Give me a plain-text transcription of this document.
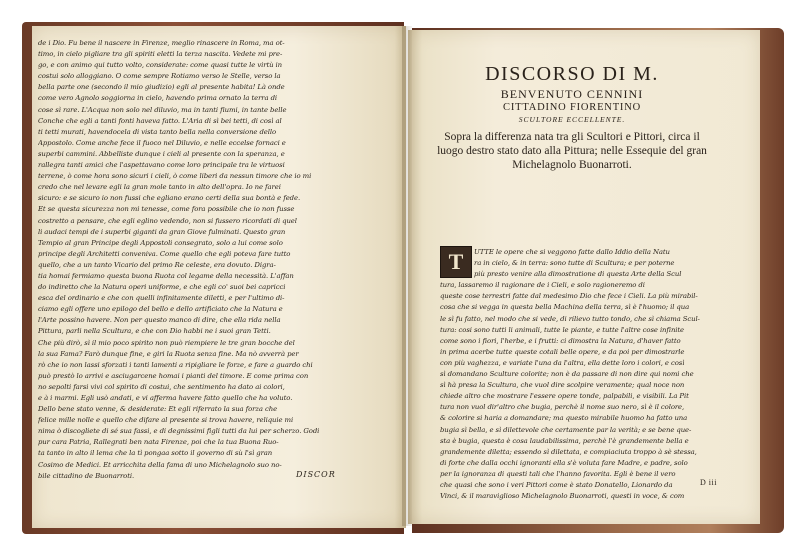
de i Dio. Fu bene il nascere in Firenze, meglio rinascere in Roma, ma ot-
timo, in cielo pigliare tra gli spiriti eletti la terza nascita. Vedete mi pre-
go, e con animo qui tutto volto, considerate: come quasi tutte le virtù in
costui solo alloggiano. O come sempre Rotiamo verso le Stelle, verso la
bella parte one (secondo il mio giudizio) egli al presente habita! Là onde
come vero Agnolo soggiorna in cielo, havendo prima ornato la terra di
cose sì rare. L'Acqua non solo nel diluvio, ma in tanti fiumi, in tante belle
Conche che egli a tanti fonti haveva fatto. L'Aria di sì bei tetti, di così al
ti tetti murati, havendocela di vista tanto bella nella conversione dello
Appostolo. Come anche fece il fuoco nel Diluvio, e nelle eccelse fornaci e
superbi cammini. Abbelliste dunque i cieli al presente con la speranza, e
rallegra tanti amici che l'aspettavano come loro principale tra le virtuosi
terrene, ò come hora sono sicuri i cieli, ò come liberi da nessun timore che io mi
credo che nel levare egli la gran mole tanto in alto dell'opra. Io ne farei
sicuro: e se sicuro io non fussi che egliano erano certi della sua bontà e fede.
Et se questa sicurezza non mi tenesse, come fora possibile che io non fusse
costretto a pensare, che egli eglino vedendo, non si fussero ricordati di quel
li audaci tempi de i superbi giganti da gran Giove fulminati. Questo gran
Tempio al gran Principe degli Appostoli consegrato, solo a lui come solo
principe degli Architetti conveniva. Come quello che egli poteva fare tutto
quello, che a un tanto Vicario del primo Re celeste, era dovuto. Digra-
tia homai fermiamo questa buona Ruota col legame della necessità. L'affan
do indiretto che la Natura operi uniforme, e che egli co' suoi bei capricci
esca del ordinario e che con quelli infinitamente diletti, e per l'ultimo di-
ciamo egli offere uno epilogo del bello e dello artificiato che la Natura e
l'Arte possino havere. Non per questo manco di dire, che ella rida nella
Pittura, parli nella Scultura, e che con Dio habbi ne i suoi gran Tetti.
Che più dirò, sì il mio poco spirito non può riempiere le tre gran bocche del
la sua Fama? Farò dunque fine, e giri la Ruota senza fine. Ma nò avverrà per
rò che io non lassi sforzati i tanti lamenti a ripigliare le forze, e fare a guardo chi
può prestò lo arrivi e asciugarcene homai i pianti del timore. E come prima con
no sepolti farsi vivi col spirito di costui, che sentimento ha dato ai colori,
e à i marmi. Egli usò andati, e vi afferma havere fatto quello che ha voluto.
Dello bene stato venne, & desiderate: Et egli riferrato la sua forza che
felice mille nolle e quello che difare al presente si trova havere, reliquie mi
nima ò discogliete di sé sua fassi, e di degnissimi figli tutti da lui per scherzo. Godi
pur cara Patria, Rallegrati ben nata Firenze, poi che la tua Buona Ruo-
ta tanto in alto il lema che la tì pongaa sotto il governo di sù l'sì gran
Cosimo de Medici. Et arricchita della fama di uno Michelagnolo suo no-
bile cittadino de Buonarroti.	DISCOR
DISCORSO DI M.
BENVENUTO CENNINI
CITTADINO FIORENTINO
SCULTORE ECCELLENTE.
Sopra la differenza nata tra gli Scultori e Pittori, circa il luogo destro stato dato alla Pittura; nelle Essequie del gran Michelagnolo Buonarroti.
T	UTTE le opere che si veggono fatte dallo Iddio della Natu
ra in cielo, & in terra: sono tutte di Scultura; e per poterne
più presto venire alla dimostratione di questa Arte della Scul
tura, lassaremo il ragionare de i Cieli, e solo ragioneremo di
queste cose terrestri fatte dal medesimo Dio che fece i Cieli. La più mirabil-
cosa che si vegga in questa bella Machina della terra, sì è l'huomo; il qua
le sì fu fatto, nel modo che si vede, di rilievo tutto tondo, che sì chiama Scul-
tura: cosi sono tutti li animali, tutte le piante, e tutte l'altre cose infinite
come sono i fiori, l'herbe, e i frutti: ci dimostra la Natura, d'haver fatto
in prima acerbe tutte queste cotali belle opere, e da poi per dimostrarle
con più vaghezza, e variate l'una da l'altra, ella dette loro i colori, e così
sì domandano Sculture colorite; non è da passare di non dire qui nomi che
sì hà presa la Scultura, che vuol dire scolpire veramente; qual noce non
chiede altro che mostrare l'essere opere tonde, palpabili, e visibili. La Pit
tura non vuol dir'altro che bugia, perchè il nome suo nero, sì è il colore,
& colorire si haria a domandare; ma questo mirabile huomo ha fatto una
bugia sì bella, e sì dilettevole che certamente par la verità; e se bene que-
sta è bugia, questa è cosa laudabilissima, perchè l'è grandemente bella e
grandemente diletta; essendo sì dilettata, e compiaciuta troppo à sè stessa,
di forte che dalla occhi ignoranti ella s'è voluta fare Madre, e padre, solo
per la ignoranza di questi tali che l'hanno favorita. Egli è bene il vero
che quasi che sono i veri Pittori come è stato Donatello, Lionardo da
Vinci, & il maraviglioso Michelagnolo Buonarroti, questi in voce, & com
D iii
